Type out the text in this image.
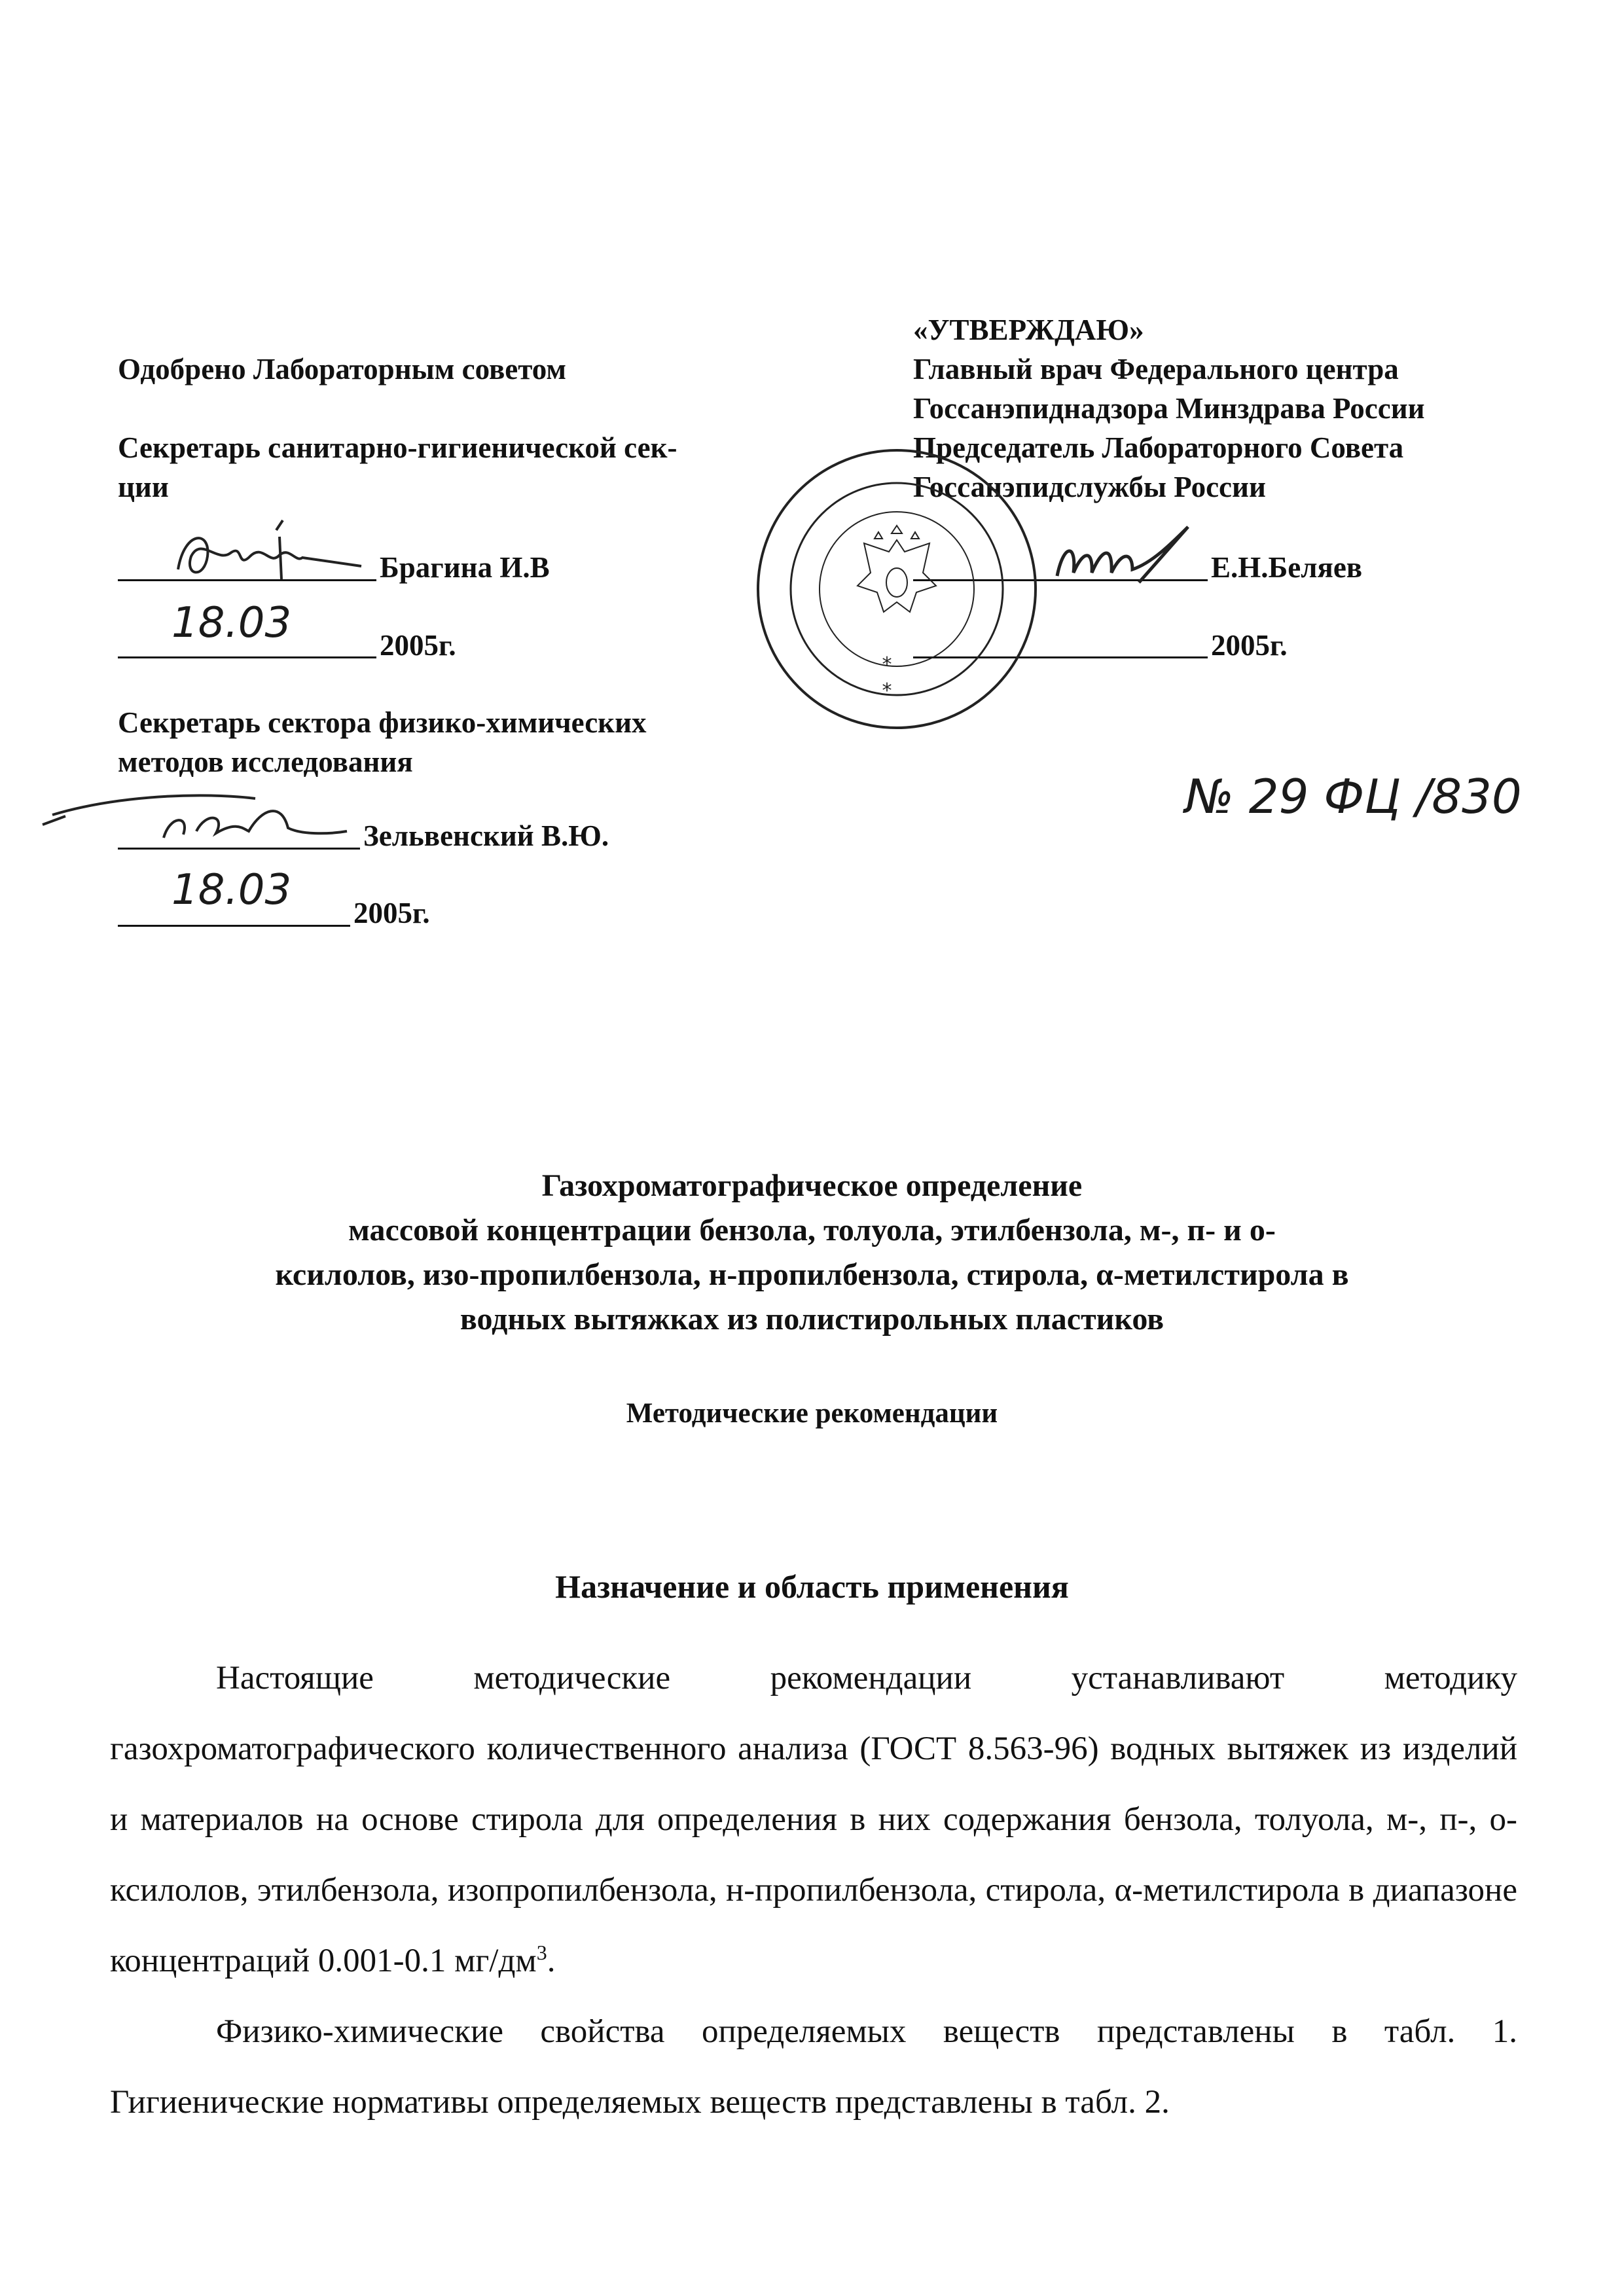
Одобрено Лабораторным советом
Секретарь санитарно-гигиенической сек-
ции
Брагина И.В
18.03	2005г.
Секретарь сектора физико-химических
методов исследования
Зельвенский В.Ю.
18.03 2005г.
«УТВЕРЖДАЮ»
Главный врач Федерального центра
Госсанэпиднадзора Минздрава России
Председатель Лабораторного Совета
Госсанэпидслужбы России
Е.Н.Беляев
2005г.
*
*
№ 29 ФЦ /830
Газохроматографическое определение
массовой концентрации бензола, толуола, этилбензола, м-, п- и о-
ксилолов, изо-пропилбензола, н-пропилбензола, стирола, α-метилстирола в
водных вытяжках из полистирольных пластиков
Методические рекомендации
Назначение и область применения

Настоящие методические рекомендации устанавливают методику газохроматографического количественного анализа (ГОСТ 8.563-96) водных вытяжек из изделий и материалов на основе стирола для определения в них содержания бензола, толуола, м-, п-, о-ксилолов, этилбензола, изопропилбензола, н-пропилбензола, стирола, α-метилстирола в диапазоне концентраций 0.001-0.1 $мг/дм^3$.

Физико-химические свойства определяемых веществ представлены в табл. 1. Гигиенические нормативы определяемых веществ представлены в табл. 2.
